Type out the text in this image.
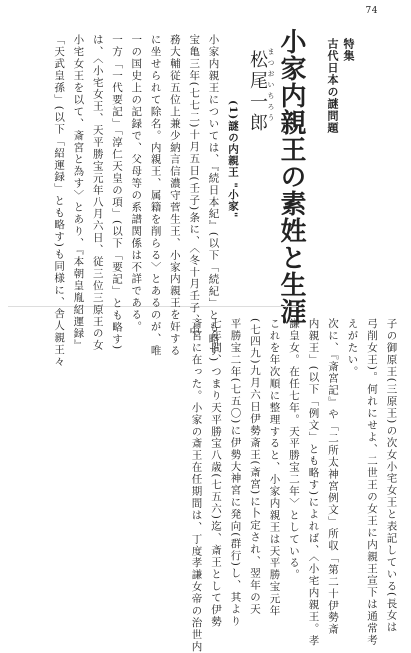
74
特集
古代日本の謎問題
小家内親王の素姓と生涯
まつおいちろう
松尾一郎
(1)謎の内親王 "小家"
小家内親王については、『続日本紀』(以下「続紀」とも略す)
宝亀三年(七七二)十月五日(壬子)条に、〈冬十月壬子、中
務大輔従五位上兼少納言信濃守菅生王、小家内親王を奸する
に坐せられて除名。内親王、属籍を削らる〉とあるのが、唯
一の国史上の記録で、父母等の系譜関係は不詳である。
一方「一代要記」「淳仁天皇の項」(以下「要記」とも略す)
は、〈小宅女王、天平勝宝元年八月六日、従三位三原王の女
小宅女王を以て、斎宮と為す〉とあり、『本朝皇胤紹運録』
「天武皇孫」(以下「紹運録」とも略す)も同様に、舎人親王々
子の御原王(三原王)の次女小宅女王と表記している(長女は
弓削女王)。何れにせよ、二世王の女王に内親王宣下は通常考
えがたい。
次に、『斎宮記』や「二所太神宮例文」所収「第二十伊勢斎
内親王」(以下「例文」とも略す)によれば、〈小宅内親王。孝
謙皇女。在任七年。天平勝宝二年〉としている。
これを年次順に整理すると、小家内親王は天平勝宝元年
(七四九)九月六日伊勢斎王(斎宮)に卜定され、翌年の天
平勝宝二年(七五〇)に伊勢大神宮に発向(群行)し、其より
七年間、つまり天平勝宝八歳(七五六)迄、斎王として伊勢
斎宮に在った。小家の斎王在任期間は、丁度孝謙女帝の治世内
